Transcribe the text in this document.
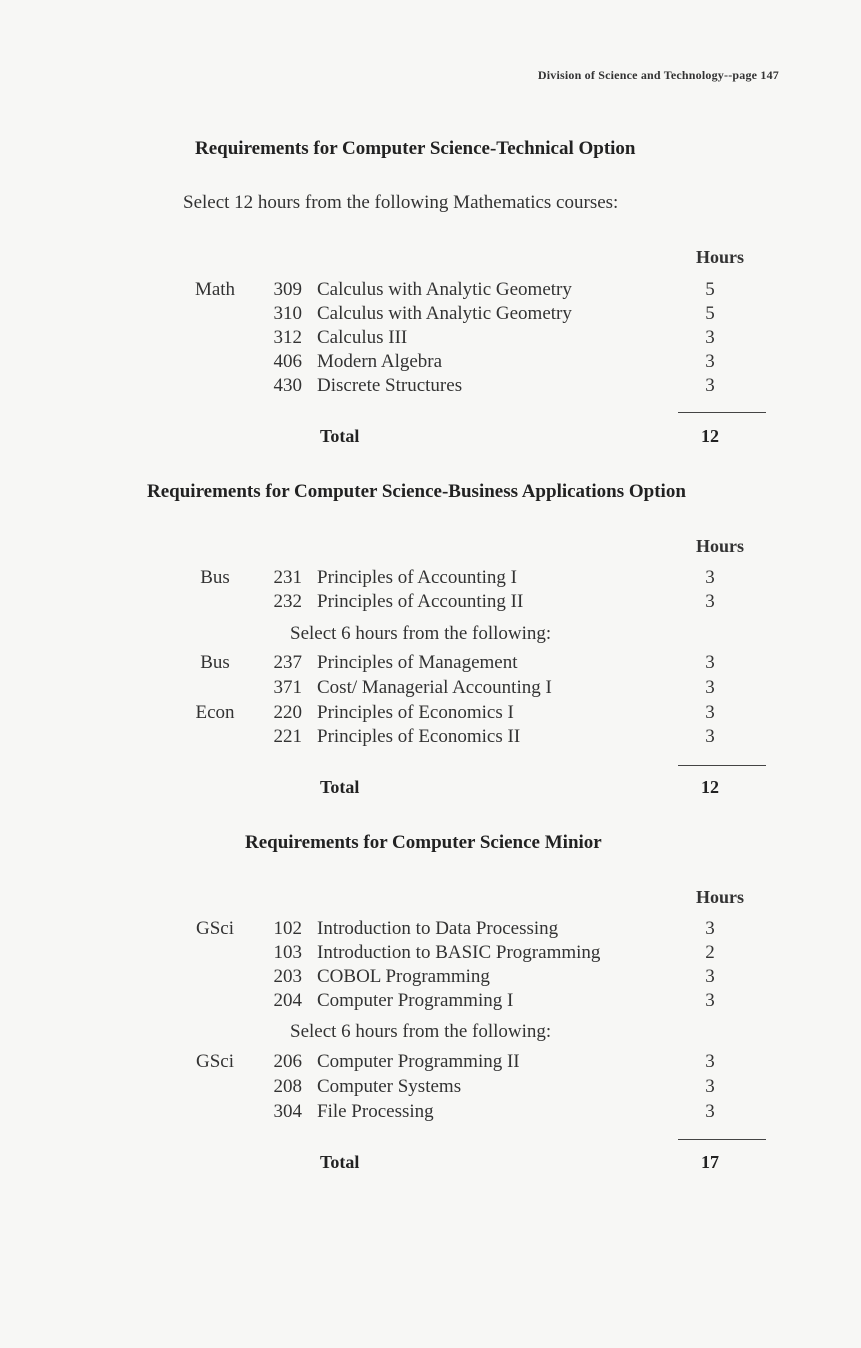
Division of Science and Technology--page 147
Requirements for Computer Science-Technical Option
Select 12 hours from the following Mathematics courses:
Hours
Math	309 Calculus with Analytic Geometry	5
310 Calculus with Analytic Geometry	5
312 Calculus III	3
406 Modern Algebra	3
430 Discrete Structures	3
Total	12
Requirements for Computer Science-Business Applications Option
Hours
Bus	231 Principles of Accounting I	3
232 Principles of Accounting II	3
Select 6 hours from the following:
Bus	237 Principles of Management	3
371 Cost/ Managerial Accounting I	3
Econ	220 Principles of Economics I	3
221 Principles of Economics II	3
Total	12
Requirements for Computer Science Minior
Hours
GSci	102 Introduction to Data Processing	3
103 Introduction to BASIC Programming	2
203 COBOL Programming	3
204 Computer Programming I	3
Select 6 hours from the following:
GSci	206 Computer Programming II	3
208 Computer Systems	3
304 File Processing	3
Total	17
